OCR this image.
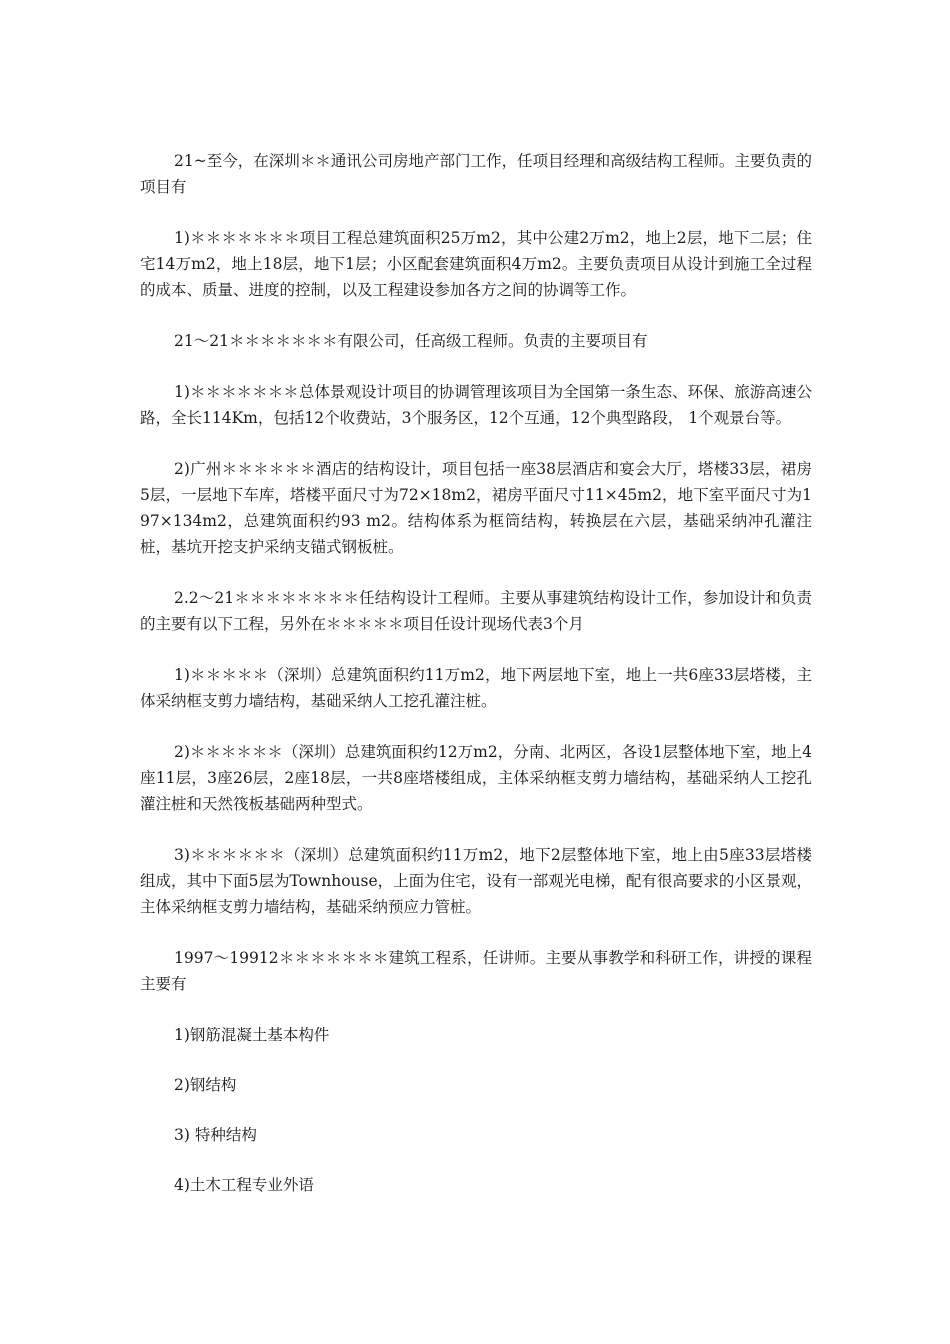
21~至今，在深圳＊＊通讯公司房地产部门工作，任项目经理和高级结构工程师。主要负责的项目有

1)＊＊＊＊＊＊＊项目工程总建筑面积25万m2，其中公建2万m2，地上2层，地下二层；住宅14万m2，地上18层，地下1层；小区配套建筑面积4万m2。主要负责项目从设计到施工全过程的成本、质量、进度的控制，以及工程建设参加各方之间的协调等工作。

21～21＊＊＊＊＊＊＊有限公司，任高级工程师。负责的主要项目有

1)＊＊＊＊＊＊＊总体景观设计项目的协调管理该项目为全国第一条生态、环保、旅游高速公路，全长114Km，包括12个收费站，3个服务区，12个互通，12个典型路段， 1个观景台等。

2)广州＊＊＊＊＊＊酒店的结构设计，项目包括一座38层酒店和宴会大厅，塔楼33层，裙房5层，一层地下车库，塔楼平面尺寸为72×18m2，裙房平面尺寸11×45m2，地下室平面尺寸为197×134m2，总建筑面积约93 m2。结构体系为框筒结构，转换层在六层，基础采纳冲孔灌注桩，基坑开挖支护采纳支锚式钢板桩。

2.2～21＊＊＊＊＊＊＊＊任结构设计工程师。主要从事建筑结构设计工作，参加设计和负责的主要有以下工程，另外在＊＊＊＊＊项目任设计现场代表3个月

1)＊＊＊＊＊（深圳）总建筑面积约11万m2，地下两层地下室，地上一共6座33层塔楼，主体采纳框支剪力墙结构，基础采纳人工挖孔灌注桩。

2)＊＊＊＊＊＊（深圳）总建筑面积约12万m2，分南、北两区，各设1层整体地下室，地上4座11层，3座26层，2座18层，一共8座塔楼组成，主体采纳框支剪力墙结构，基础采纳人工挖孔灌注桩和天然筏板基础两种型式。

3)＊＊＊＊＊＊（深圳）总建筑面积约11万m2，地下2层整体地下室，地上由5座33层塔楼组成，其中下面5层为Townhouse，上面为住宅，设有一部观光电梯，配有很高要求的小区景观，主体采纳框支剪力墙结构，基础采纳预应力管桩。

1997～19912＊＊＊＊＊＊＊建筑工程系，任讲师。主要从事教学和科研工作，讲授的课程主要有

1)钢筋混凝土基本构件

2)钢结构

3) 特种结构

4)土木工程专业外语
